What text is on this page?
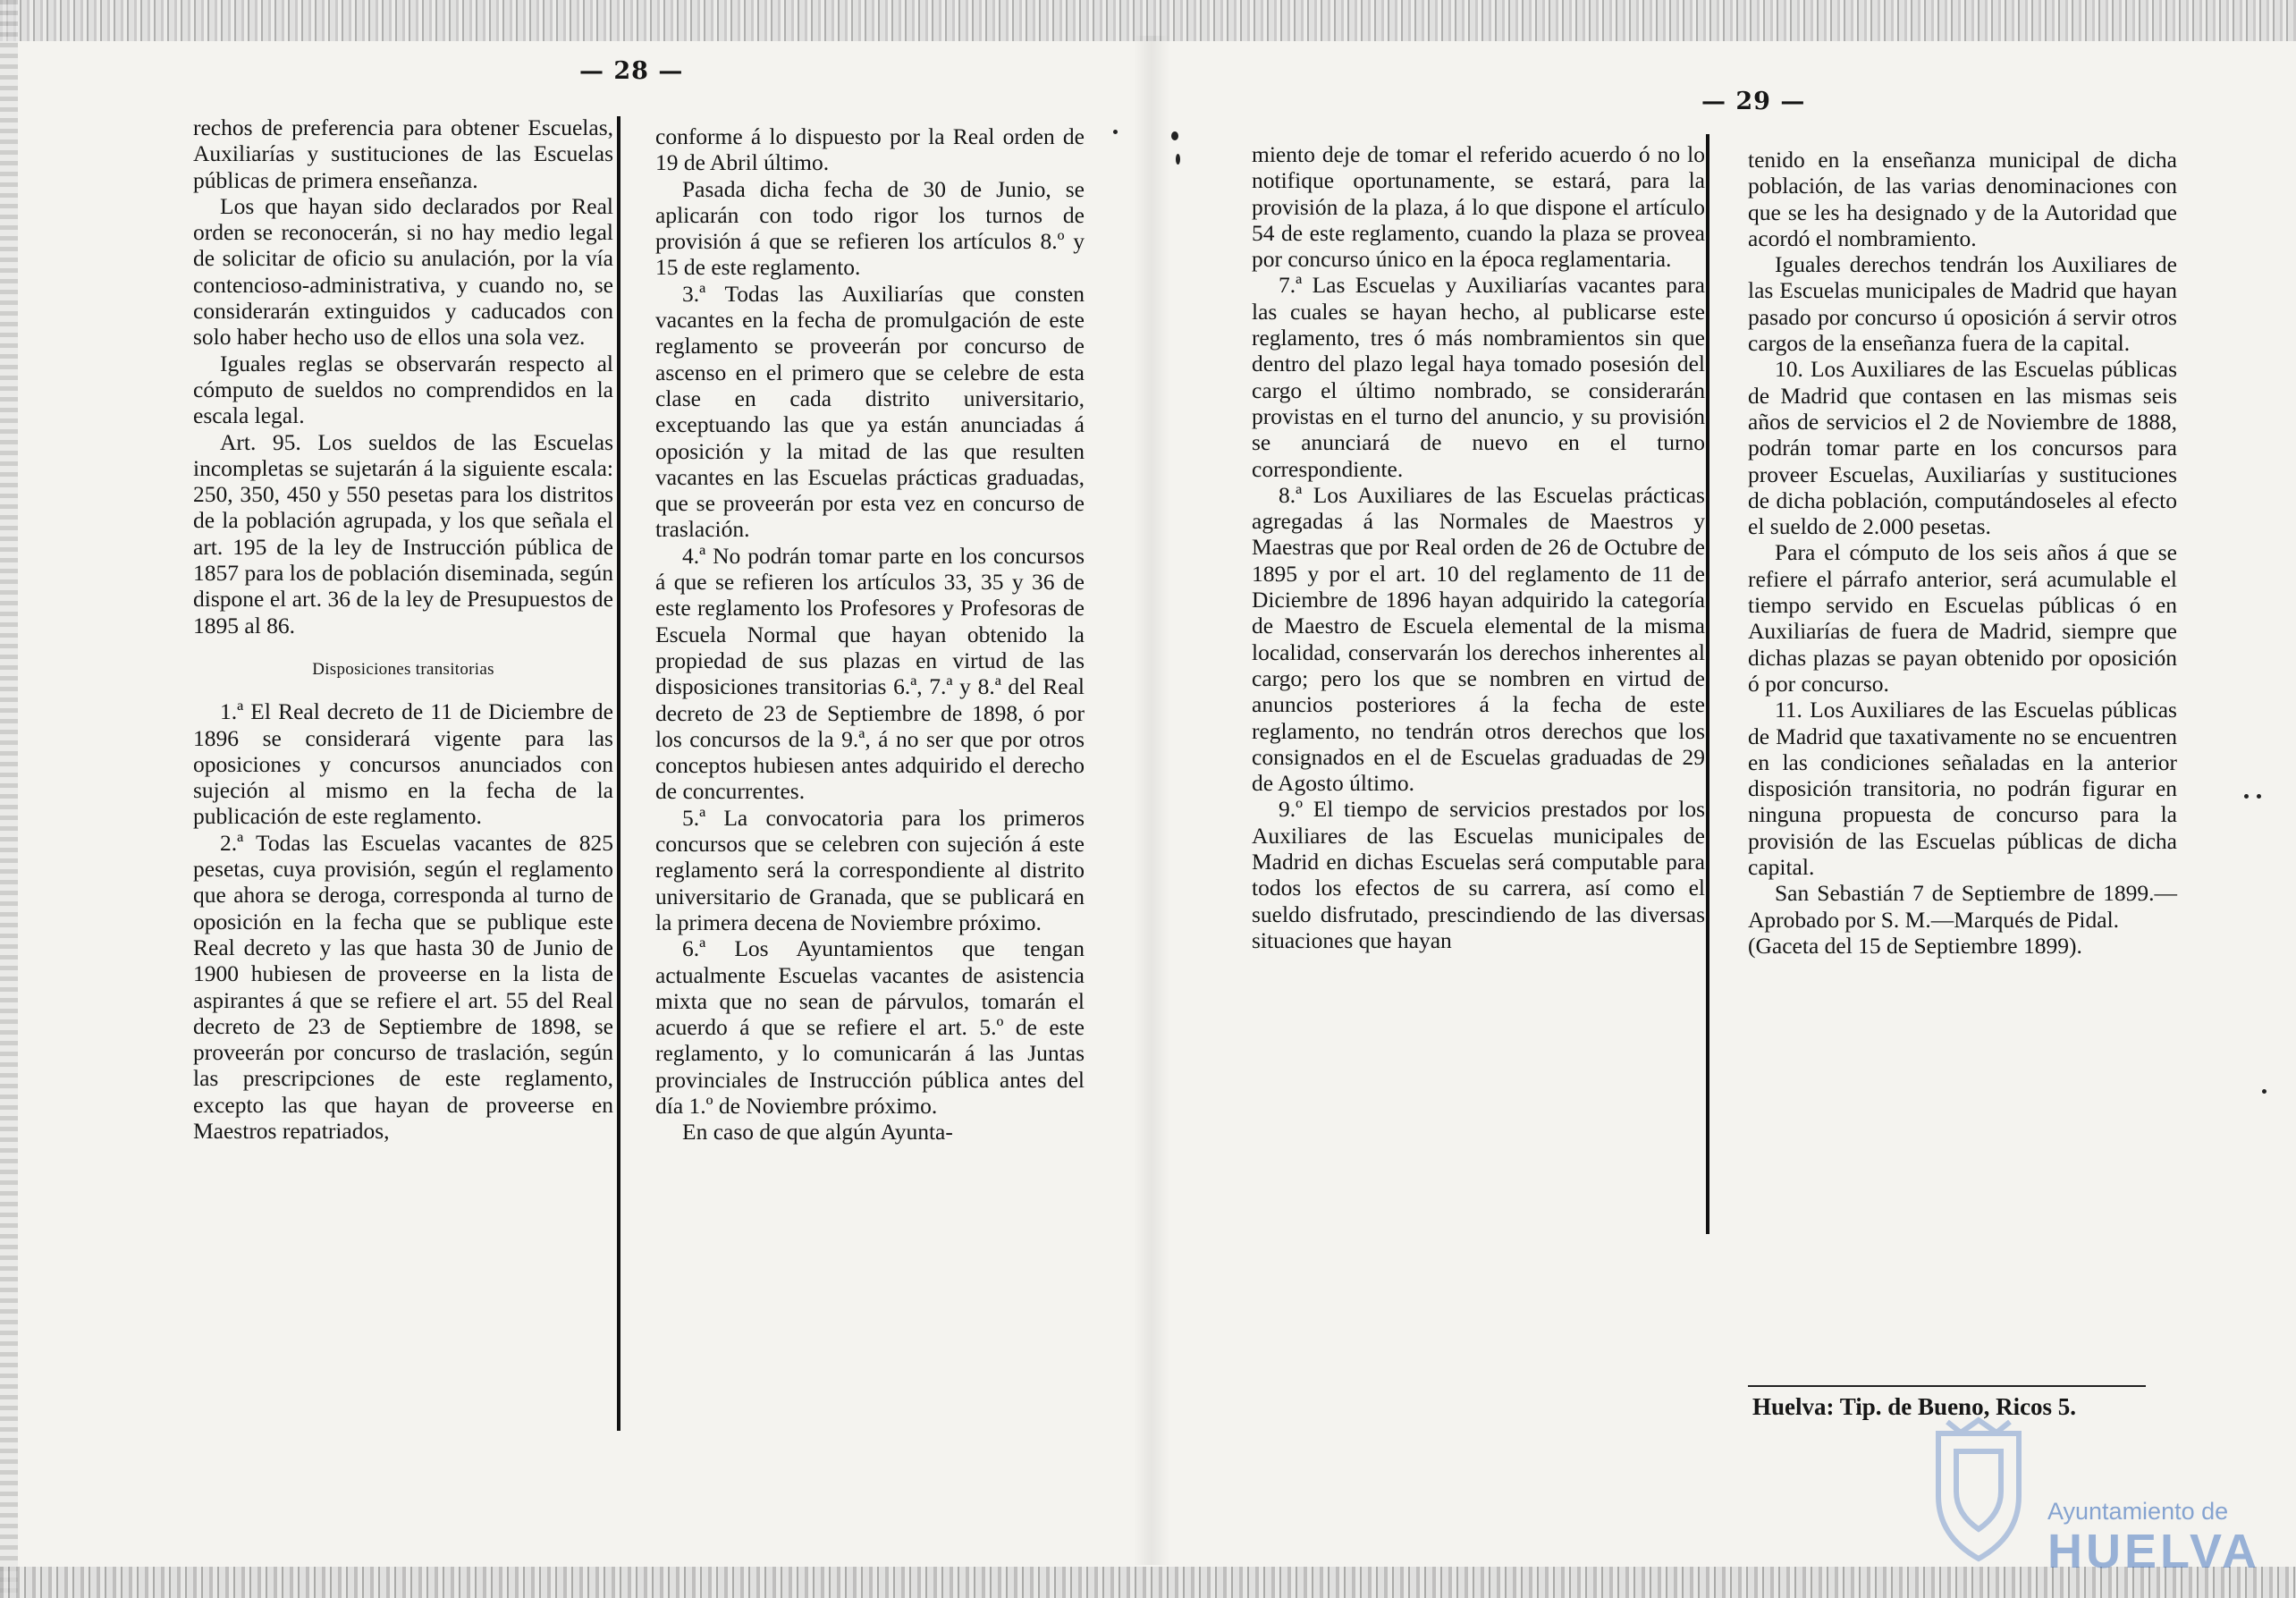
— 28 —
— 29 —

rechos de preferencia para obtener Escuelas, Auxiliarías y sustituciones de las Escuelas públicas de primera enseñanza.

Los que hayan sido declarados por Real orden se reconocerán, si no hay medio legal de solicitar de oficio su anulación, por la vía contencioso-administrativa, y cuando no, se considerarán extinguidos y caducados con solo haber hecho uso de ellos una sola vez.

Iguales reglas se observarán respecto al cómputo de sueldos no comprendidos en la escala legal.

Art. 95. Los sueldos de las Escuelas incompletas se sujetarán á la siguiente escala: 250, 350, 450 y 550 pesetas para los distritos de la población agrupada, y los que señala el art. 195 de la ley de Instrucción pública de 1857 para los de población diseminada, según dispone el art. 36 de la ley de Presupuestos de 1895 al 86.

Disposiciones transitorias

1.ª El Real decreto de 11 de Diciembre de 1896 se considerará vigente para las oposiciones y concursos anunciados con sujeción al mismo en la fecha de la publicación de este reglamento.

2.ª Todas las Escuelas vacantes de 825 pesetas, cuya provisión, según el reglamento que ahora se deroga, corresponda al turno de oposición en la fecha que se publique este Real decreto y las que hasta 30 de Junio de 1900 hubiesen de proveerse en la lista de aspirantes á que se refiere el art. 55 del Real decreto de 23 de Septiembre de 1898, se proveerán por concurso de traslación, según las prescripciones de este reglamento, excepto las que hayan de proveerse en Maestros repatriados,

conforme á lo dispuesto por la Real orden de 19 de Abril último.

Pasada dicha fecha de 30 de Junio, se aplicarán con todo rigor los turnos de provisión á que se refieren los artículos 8.º y 15 de este reglamento.

3.ª Todas las Auxiliarías que consten vacantes en la fecha de promulgación de este reglamento se proveerán por concurso de ascenso en el primero que se celebre de esta clase en cada distrito universitario, exceptuando las que ya están anunciadas á oposición y la mitad de las que resulten vacantes en las Escuelas prácticas graduadas, que se proveerán por esta vez en concurso de traslación.

4.ª No podrán tomar parte en los concursos á que se refieren los artículos 33, 35 y 36 de este reglamento los Profesores y Profesoras de Escuela Normal que hayan obtenido la propiedad de sus plazas en virtud de las disposiciones transitorias 6.ª, 7.ª y 8.ª del Real decreto de 23 de Septiembre de 1898, ó por los concursos de la 9.ª, á no ser que por otros conceptos hubiesen antes adquirido el derecho de concurrentes.

5.ª La convocatoria para los primeros concursos que se celebren con sujeción á este reglamento será la correspondiente al distrito universitario de Granada, que se publicará en la primera decena de Noviembre próximo.

6.ª Los Ayuntamientos que tengan actualmente Escuelas vacantes de asistencia mixta que no sean de párvulos, tomarán el acuerdo á que se refiere el art. 5.º de este reglamento, y lo comunicarán á las Juntas provinciales de Instrucción pública antes del día 1.º de Noviembre próximo.

En caso de que algún Ayunta-

miento deje de tomar el referido acuerdo ó no lo notifique oportunamente, se estará, para la provisión de la plaza, á lo que dispone el artículo 54 de este reglamento, cuando la plaza se provea por concurso único en la época reglamentaria.

7.ª Las Escuelas y Auxiliarías vacantes para las cuales se hayan hecho, al publicarse este reglamento, tres ó más nombramientos sin que dentro del plazo legal haya tomado posesión del cargo el último nombrado, se considerarán provistas en el turno del anuncio, y su provisión se anunciará de nuevo en el turno correspondiente.

8.ª Los Auxiliares de las Escuelas prácticas agregadas á las Normales de Maestros y Maestras que por Real orden de 26 de Octubre de 1895 y por el art. 10 del reglamento de 11 de Diciembre de 1896 hayan adquirido la categoría de Maestro de Escuela elemental de la misma localidad, conservarán los derechos inherentes al cargo; pero los que se nombren en virtud de anuncios posteriores á la fecha de este reglamento, no tendrán otros derechos que los consignados en el de Escuelas graduadas de 29 de Agosto último.

9.º El tiempo de servicios prestados por los Auxiliares de las Escuelas municipales de Madrid en dichas Escuelas será computable para todos los efectos de su carrera, así como el sueldo disfrutado, prescindiendo de las diversas situaciones que hayan

tenido en la enseñanza municipal de dicha población, de las varias denominaciones con que se les ha designado y de la Autoridad que acordó el nombramiento.

Iguales derechos tendrán los Auxiliares de las Escuelas municipales de Madrid que hayan pasado por concurso ú oposición á servir otros cargos de la enseñanza fuera de la capital.

10. Los Auxiliares de las Escuelas públicas de Madrid que contasen en las mismas seis años de servicios el 2 de Noviembre de 1888, podrán tomar parte en los concursos para proveer Escuelas, Auxiliarías y sustituciones de dicha población, computándoseles al efecto el sueldo de 2.000 pesetas.

Para el cómputo de los seis años á que se refiere el párrafo anterior, será acumulable el tiempo servido en Escuelas públicas ó en Auxiliarías de fuera de Madrid, siempre que dichas plazas se payan obtenido por oposición ó por concurso.

11. Los Auxiliares de las Escuelas públicas de Madrid que taxativamente no se encuentren en las condiciones señaladas en la anterior disposición transitoria, no podrán figurar en ninguna propuesta de concurso para la provisión de las Escuelas públicas de dicha capital.

San Sebastián 7 de Septiembre de 1899.—Aprobado por S. M.—Marqués de Pidal.

(Gaceta del 15 de Septiembre 1899).

Huelva: Tip. de Bueno, Ricos 5.
Ayuntamiento de
HUELVA
